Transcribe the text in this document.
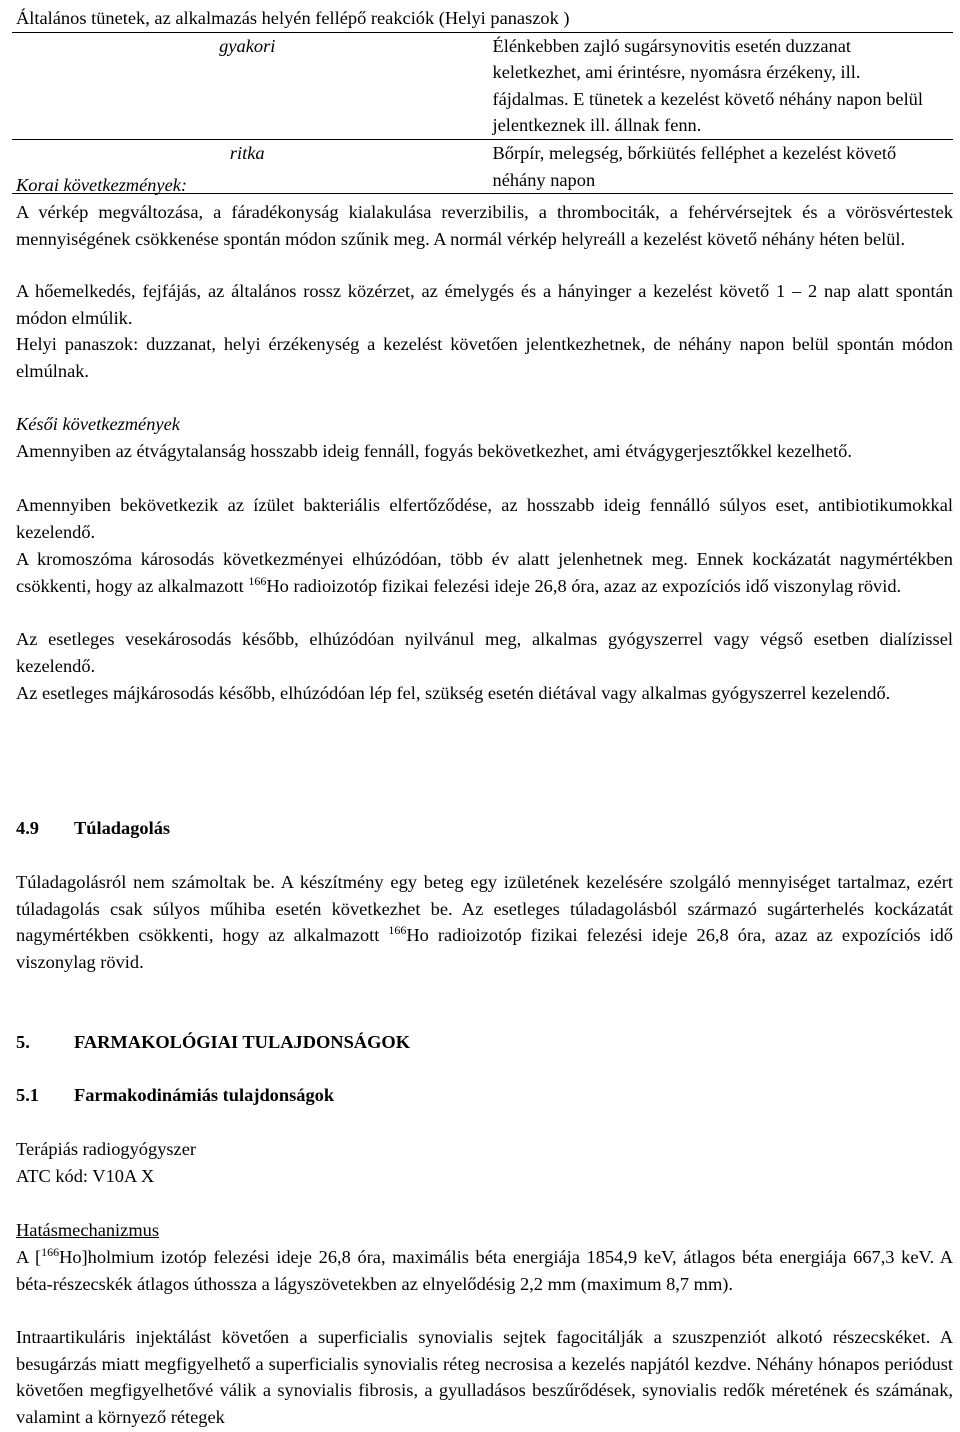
Általános tünetek, az alkalmazás helyén fellépő reakciók (Helyi panaszok )	
gyakori	Élénkebben zajló sugársynovitis esetén duzzanat keletkezhet, ami érintésre, nyomásra érzékeny, ill. fájdalmas. E tünetek a kezelést követő néhány napon belül jelentkeznek ill. állnak fenn.
ritka	Bőrpír, melegség, bőrkiütés felléphet a kezelést követő néhány napon
Korai következmények:

A vérkép megváltozása, a fáradékonyság kialakulása reverzibilis, a thrombociták, a fehérvérsejtek és a vörösvértestek mennyiségének csökkenése spontán módon szűnik meg. A normál vérkép helyreáll a kezelést követő néhány héten belül.

A hőemelkedés, fejfájás, az általános rossz közérzet, az émelygés és a hányinger a kezelést követő 1 – 2 nap alatt spontán módon elmúlik.

Helyi panaszok: duzzanat, helyi érzékenység a kezelést követően jelentkezhetnek, de néhány napon belül spontán módon elmúlnak.

Késői következmények

Amennyiben az étvágytalanság hosszabb ideig fennáll, fogyás bekövetkezhet, ami étvágygerjesztőkkel kezelhető.

Amennyiben bekövetkezik az ízület bakteriális elfertőződése, az hosszabb ideig fennálló súlyos eset, antibiotikumokkal kezelendő.

A kromoszóma károsodás következményei elhúzódóan, több év alatt jelenhetnek meg. Ennek kockázatát nagymértékben csökkenti, hogy az alkalmazott $^{166}$Ho radioizotóp fizikai felezési ideje 26,8 óra, azaz az expozíciós idő viszonylag rövid.

Az esetleges vesekárosodás később, elhúzódóan nyilvánul meg, alkalmas gyógyszerrel vagy végső esetben dialízissel kezelendő.

Az esetleges májkárosodás később, elhúzódóan lép fel, szükség esetén diétával vagy alkalmas gyógyszerrel kezelendő.

4.9 Túladagolás

Túladagolásról nem számoltak be. A készítmény egy beteg egy izületének kezelésére szolgáló mennyiséget tartalmaz, ezért túladagolás csak súlyos műhiba esetén következhet be. Az esetleges túladagolásból származó sugárterhelés kockázatát nagymértékben csökkenti, hogy az alkalmazott $^{166}$Ho radioizotóp fizikai felezési ideje 26,8 óra, azaz az expozíciós idő viszonylag rövid.

5. FARMAKOLÓGIAI TULAJDONSÁGOK
5.1 Farmakodinámiás tulajdonságok
Terápiás radiogyógyszer
ATC kód: V10A X
Hatásmechanizmus

A [$^{166}$Ho]holmium izotóp felezési ideje 26,8 óra, maximális béta energiája 1854,9 keV, átlagos béta energiája 667,3 keV. A béta-részecskék átlagos úthossza a lágyszövetekben az elnyelődésig 2,2 mm (maximum 8,7 mm).

Intraartikuláris injektálást követően a superficialis synovialis sejtek fagocitálják a szuszpenziót alkotó részecskéket. A besugárzás miatt megfigyelhető a superficialis synovialis réteg necrosisa a kezelés napjától kezdve. Néhány hónapos periódust követően megfigyelhetővé válik a synovialis fibrosis, a gyulladásos beszűrődések, synovialis redők méretének és számának, valamint a környező rétegek
